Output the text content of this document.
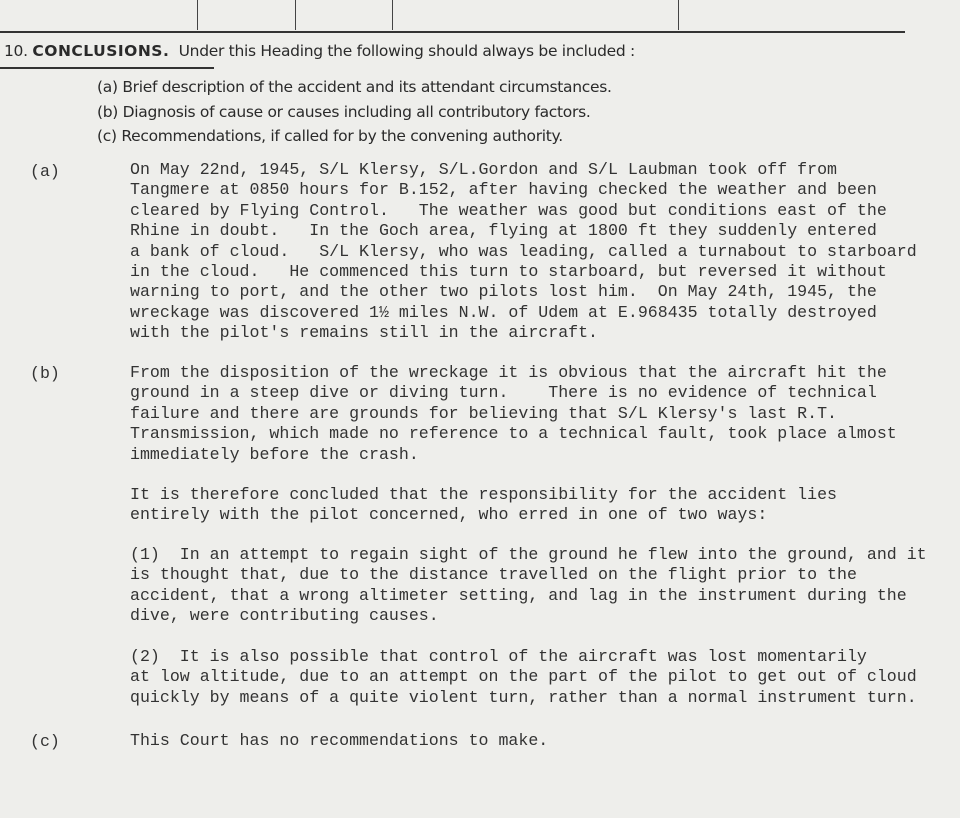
10. CONCLUSIONS. Under this Heading the following should always be included :
(a) Brief description of the accident and its attendant circumstances.
(b) Diagnosis of cause or causes including all contributory factors.
(c) Recommendations, if called for by the convening authority.
(a)	On May 22nd, 1945, S/L Klersy, S/L.Gordon and S/L Laubman took off from
Tangmere at 0850 hours for B.152, after having checked the weather and been
cleared by Flying Control.   The weather was good but conditions east of the
Rhine in doubt.   In the Goch area, flying at 1800 ft they suddenly entered
a bank of cloud.   S/L Klersy, who was leading, called a turnabout to starboard
in the cloud.   He commenced this turn to starboard, but reversed it without
warning to port, and the other two pilots lost him.  On May 24th, 1945, the
wreckage was discovered 1½ miles N.W. of Udem at E.968435 totally destroyed
with the pilot's remains still in the aircraft.
(b)	From the disposition of the wreckage it is obvious that the aircraft hit the
ground in a steep dive or diving turn.    There is no evidence of technical
failure and there are grounds for believing that S/L Klersy's last R.T.
Transmission, which made no reference to a technical fault, took place almost
immediately before the crash.
It is therefore concluded that the responsibility for the accident lies
entirely with the pilot concerned, who erred in one of two ways:
(1)  In an attempt to regain sight of the ground he flew into the ground, and it
is thought that, due to the distance travelled on the flight prior to the
accident, that a wrong altimeter setting, and lag in the instrument during the
dive, were contributing causes.
(2)  It is also possible that control of the aircraft was lost momentarily
at low altitude, due to an attempt on the part of the pilot to get out of cloud
quickly by means of a quite violent turn, rather than a normal instrument turn.
(c)	This Court has no recommendations to make.
